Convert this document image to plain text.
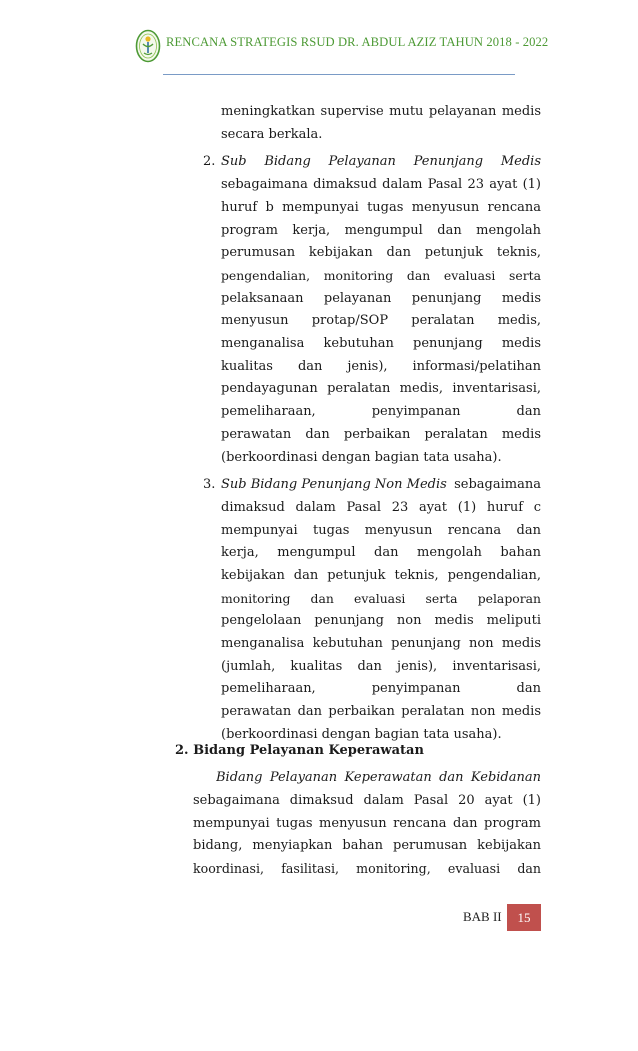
RENCANA STRATEGIS RSUD DR. ABDUL AZIZ TAHUN 2018 - 2022
meningkatkan supervise mutu pelayanan medis
secara berkala.
2. Sub Bidang Pelayanan Penunjang Medis
sebagaimana dimaksud dalam Pasal 23 ayat (1)
huruf b mempunyai tugas menyusun rencana
program kerja, mengumpul dan mengolah
perumusan kebijakan dan petunjuk teknis,
pengendalian, monitoring dan evaluasi serta
pelaksanaan pelayanan penunjang medis
menyusun protap/SOP peralatan medis,
menganalisa kebutuhan penunjang medis
kualitas dan jenis), informasi/pelatihan
pendayagunan peralatan medis, inventarisasi,
pemeliharaan, penyimpanan dan
perawatan dan perbaikan peralatan medis
(berkoordinasi dengan bagian tata usaha).
3. Sub Bidang Penunjang Non Medis sebagaimana
dimaksud dalam Pasal 23 ayat (1) huruf c
mempunyai tugas menyusun rencana dan
kerja, mengumpul dan mengolah bahan
kebijakan dan petunjuk teknis, pengendalian,
monitoring dan evaluasi serta pelaporan
pengelolaan penunjang non medis meliputi
menganalisa kebutuhan penunjang non medis
(jumlah, kualitas dan jenis), inventarisasi,
pemeliharaan, penyimpanan dan
perawatan dan perbaikan peralatan non medis
(berkoordinasi dengan bagian tata usaha).
2. Bidang Pelayanan Keperawatan
Bidang Pelayanan Keperawatan dan Kebidanan
sebagaimana dimaksud dalam Pasal 20 ayat (1)
mempunyai tugas menyusun rencana dan program
bidang, menyiapkan bahan perumusan kebijakan
koordinasi, fasilitasi, monitoring, evaluasi dan
BAB II	15
